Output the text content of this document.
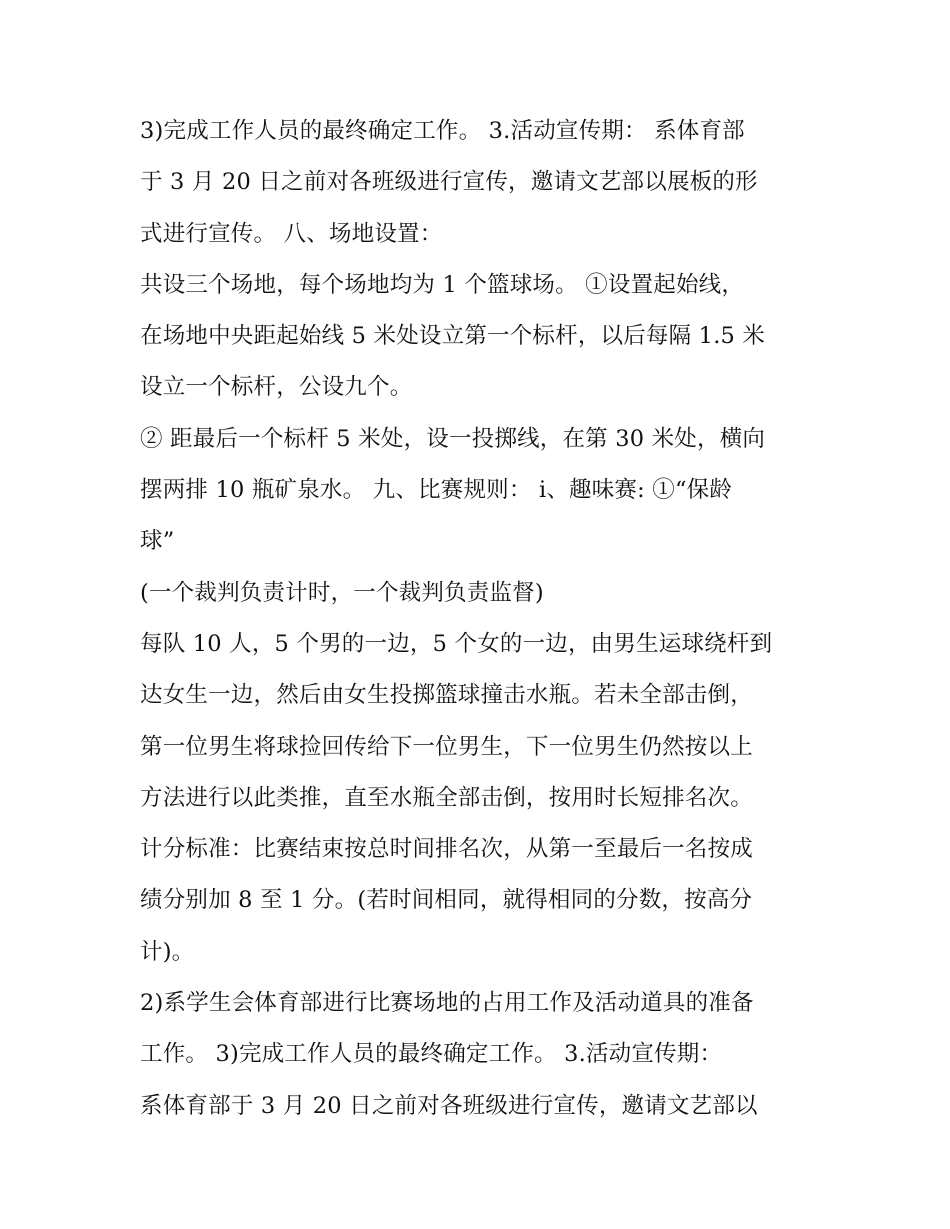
3)完成工作人员的最终确定工作。 3.活动宣传期： 系体育部
于 3 月 20 日之前对各班级进行宣传，邀请文艺部以展板的形
式进行宣传。 八、场地设置：
共设三个场地，每个场地均为 1 个篮球场。 ①设置起始线，
在场地中央距起始线 5 米处设立第一个标杆，以后每隔 1.5 米
设立一个标杆，公设九个。
② 距最后一个标杆 5 米处，设一投掷线，在第 30 米处，横向
摆两排 10 瓶矿泉水。 九、比赛规则： ⅰ、趣味赛: ①“保龄
球”
(一个裁判负责计时，一个裁判负责监督)
每队 10 人，5 个男的一边，5 个女的一边，由男生运球绕杆到
达女生一边，然后由女生投掷篮球撞击水瓶。若未全部击倒，
第一位男生将球捡回传给下一位男生，下一位男生仍然按以上
方法进行以此类推，直至水瓶全部击倒，按用时长短排名次。
计分标准：比赛结束按总时间排名次，从第一至最后一名按成
绩分别加 8 至 1 分。(若时间相同，就得相同的分数，按高分
计)。
2)系学生会体育部进行比赛场地的占用工作及活动道具的准备
工作。 3)完成工作人员的最终确定工作。 3.活动宣传期：
系体育部于 3 月 20 日之前对各班级进行宣传，邀请文艺部以
